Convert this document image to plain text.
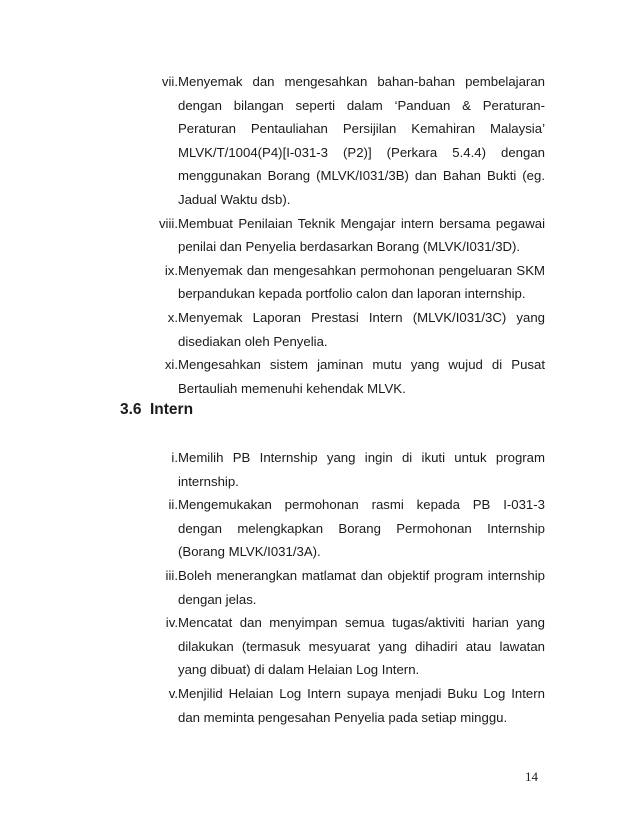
vii. Menyemak dan mengesahkan bahan-bahan pembelajaran dengan bilangan seperti dalam ‘Panduan & Peraturan-Peraturan Pentauliahan Persijilan Kemahiran Malaysia’ MLVK/T/1004(P4)[I-031-3 (P2)] (Perkara 5.4.4) dengan menggunakan Borang (MLVK/I031/3B) dan Bahan Bukti (eg. Jadual Waktu dsb).
viii. Membuat Penilaian Teknik Mengajar intern bersama pegawai penilai dan Penyelia berdasarkan Borang (MLVK/I031/3D).
ix. Menyemak dan mengesahkan permohonan pengeluaran SKM berpandukan kepada portfolio calon dan laporan internship.
x. Menyemak Laporan Prestasi Intern (MLVK/I031/3C) yang disediakan oleh Penyelia.
xi. Mengesahkan sistem jaminan mutu yang wujud di Pusat Bertauliah memenuhi kehendak MLVK.
3.6 Intern
i. Memilih PB Internship yang ingin di ikuti untuk program internship.
ii. Mengemukakan permohonan rasmi kepada PB I-031-3 dengan melengkapkan Borang Permohonan Internship (Borang MLVK/I031/3A).
iii. Boleh menerangkan matlamat dan objektif program internship dengan jelas.
iv. Mencatat dan menyimpan semua tugas/aktiviti harian yang dilakukan (termasuk mesyuarat yang dihadiri atau lawatan yang dibuat) di dalam Helaian Log Intern.
v. Menjilid Helaian Log Intern supaya menjadi Buku Log Intern dan meminta pengesahan Penyelia pada setiap minggu.
14
